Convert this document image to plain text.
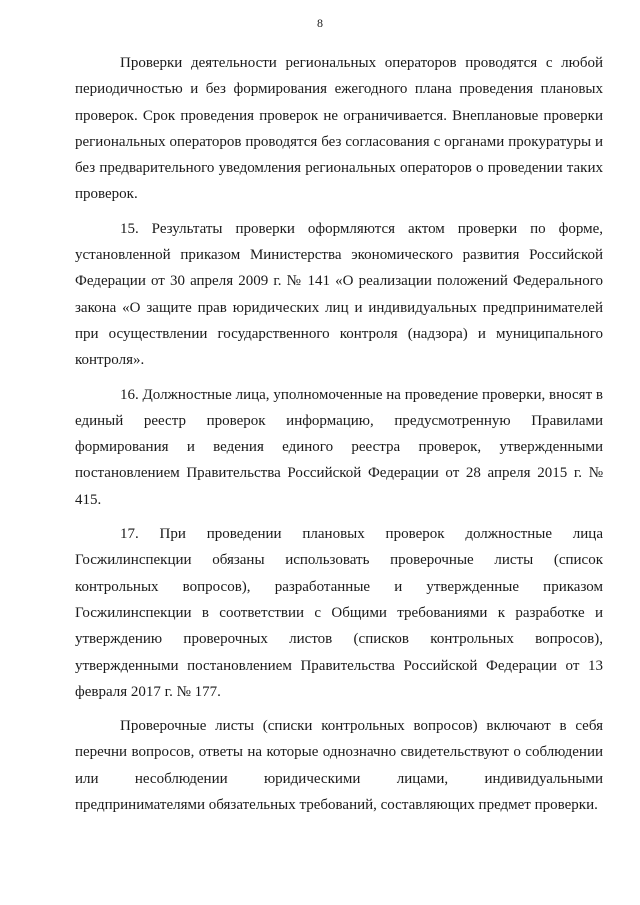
8

Проверки деятельности региональных операторов проводятся с любой периодичностью и без формирования ежегодного плана проведения плановых проверок. Срок проведения проверок не ограничивается. Внеплановые проверки региональных операторов проводятся без согласования с органами прокуратуры и без предварительного уведомления региональных операторов о проведении таких проверок.

15. Результаты проверки оформляются актом проверки по форме, установленной приказом Министерства экономического развития Российской Федерации от 30 апреля 2009 г. № 141 «О реализации положений Федерального закона «О защите прав юридических лиц и индивидуальных предпринимателей при осуществлении государственного контроля (надзора) и муниципального контроля».

16. Должностные лица, уполномоченные на проведение проверки, вносят в единый реестр проверок информацию, предусмотренную Правилами формирования и ведения единого реестра проверок, утвержденными постановлением Правительства Российской Федерации от 28 апреля 2015 г. № 415.

17. При проведении плановых проверок должностные лица Госжилинспекции обязаны использовать проверочные листы (список контрольных вопросов), разработанные и утвержденные приказом Госжилинспекции в соответствии с Общими требованиями к разработке и утверждению проверочных листов (списков контрольных вопросов), утвержденными постановлением Правительства Российской Федерации от 13 февраля 2017 г. № 177.

Проверочные листы (списки контрольных вопросов) включают в себя перечни вопросов, ответы на которые однозначно свидетельствуют о соблюдении или несоблюдении юридическими лицами, индивидуальными предпринимателями обязательных требований, составляющих предмет проверки.
